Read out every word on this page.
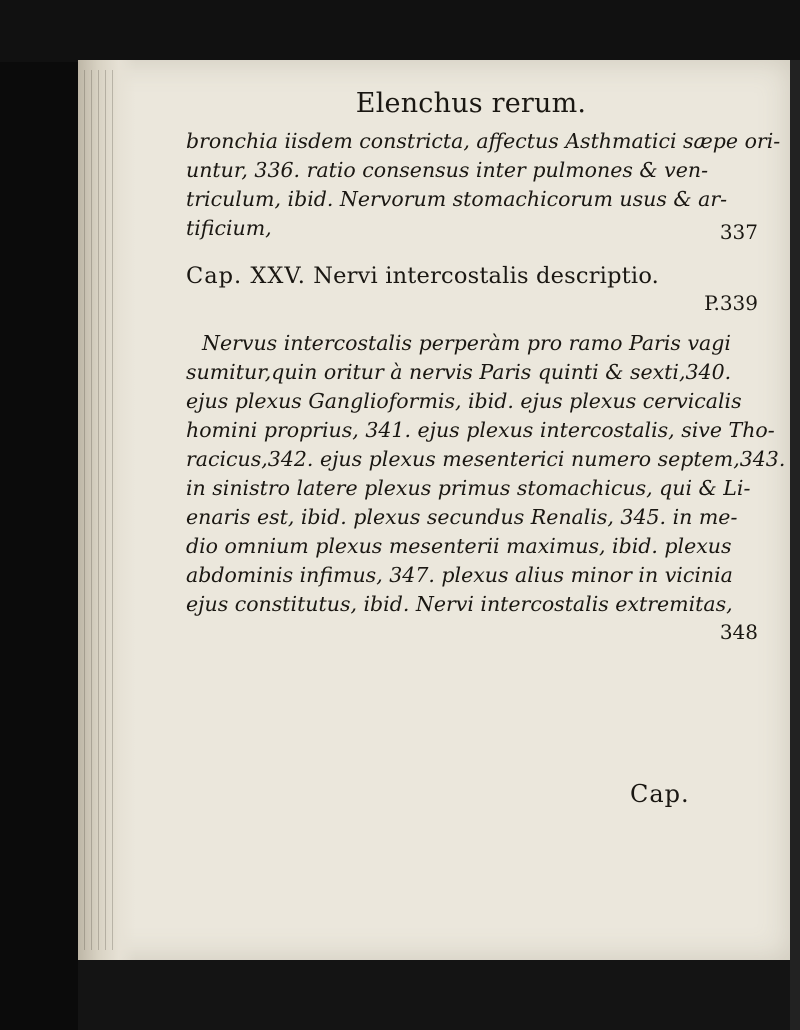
Elenchus rerum.
bronchia iisdem constricta, affectus Asthmatici sæpe ori-
untur, 336. ratio consensus inter pulmones & ven-
triculum, ibid. Nervorum stomachicorum usus & ar-
tificium,	337
Cap. XXV. Nervi intercostalis descriptio.
P.339
Nervus intercostalis perperàm pro ramo Paris vagi
sumitur,quin oritur à nervis Paris quinti & sexti,340.
ejus plexus Ganglioformis, ibid. ejus plexus cervicalis
homini proprius, 341. ejus plexus intercostalis, sive Tho-
racicus,342. ejus plexus mesenterici numero septem,343.
in sinistro latere plexus primus stomachicus, qui & Li-
enaris est, ibid. plexus secundus Renalis, 345. in me-
dio omnium plexus mesenterii maximus, ibid. plexus
abdominis infimus, 347. plexus alius minor in vicinia
ejus constitutus, ibid. Nervi intercostalis extremitas,
348
Cap.
